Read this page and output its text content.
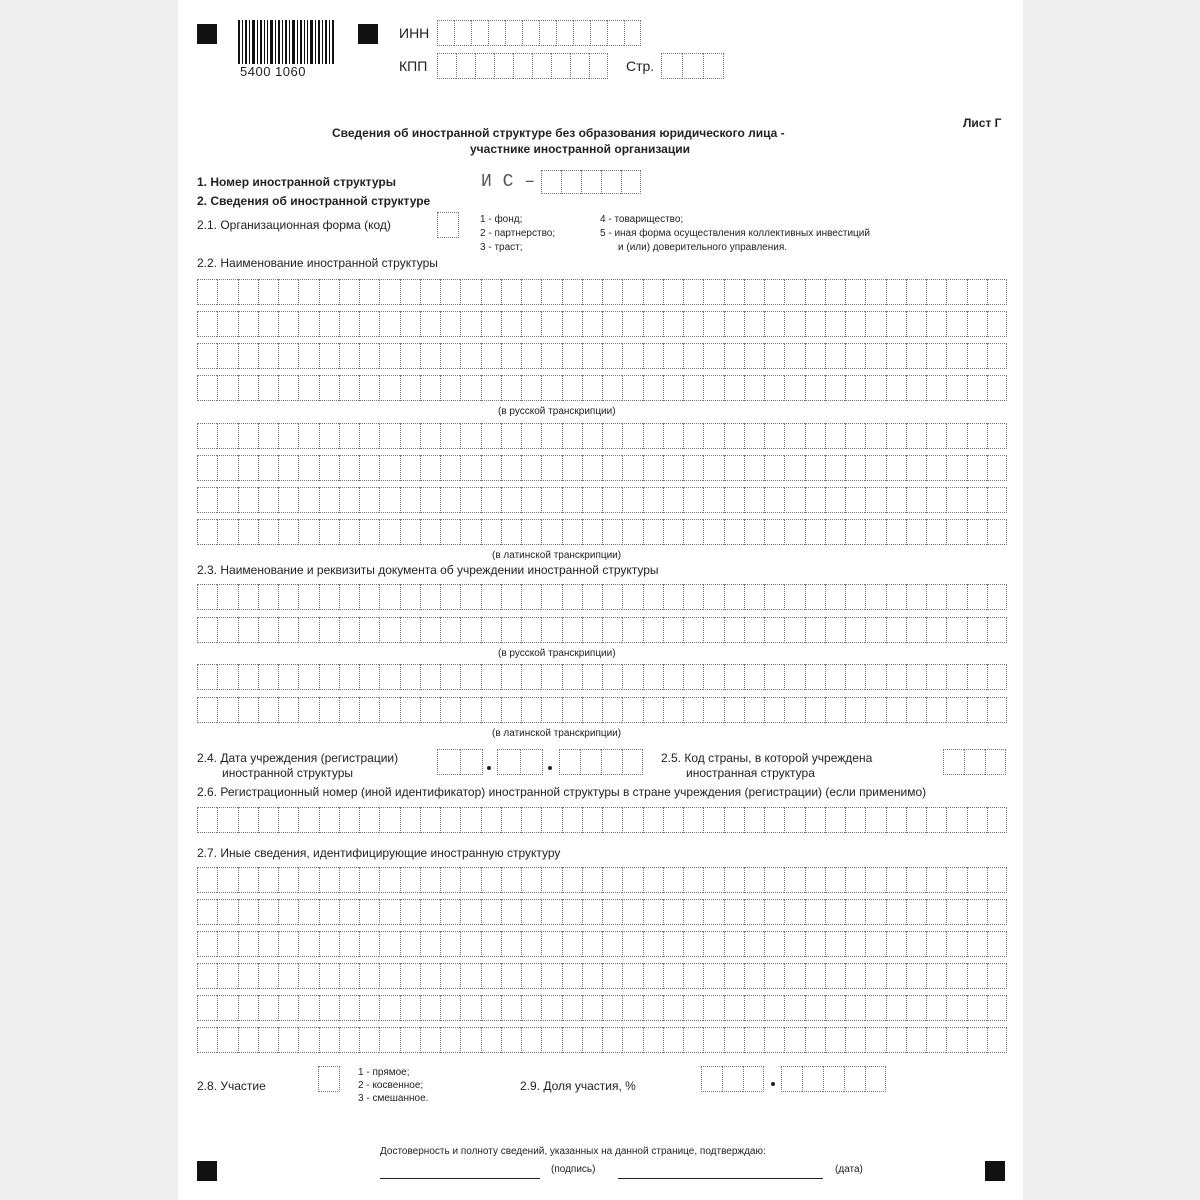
5400 1060
ИНН
КПП	Стр.
Лист Г
Сведения об иностранной структуре без образования юридического лица -
участнике иностранной организации
1. Номер иностранной структуры	И С –
2. Сведения об иностранной структуре
2.1. Организационная форма (код)	1 - фонд;
2 - партнерство;
3 - траст;
4 - товарищество;
5 - иная форма осуществления коллективных инвестиций
и (или) доверительного управления.
2.2. Наименование иностранной структуры
(в русской транскрипции)
(в латинской транскрипции)
2.3. Наименование и реквизиты документа об учреждении иностранной структуры
(в русской транскрипции)
(в латинской транскрипции)
2.4. Дата учреждения (регистрации)
иностранной структуры
2.5. Код страны, в которой учреждена
иностранная структура
2.6. Регистрационный номер (иной идентификатор) иностранной структуры в стране учреждения (регистрации) (если применимо)
2.7. Иные сведения, идентифицирующие иностранную структуру
2.8. Участие
1 - прямое;
2 - косвенное;
3 - смешанное.
2.9. Доля участия, %
Достоверность и полноту сведений, указанных на данной странице, подтверждаю:
(подпись)	(дата)
